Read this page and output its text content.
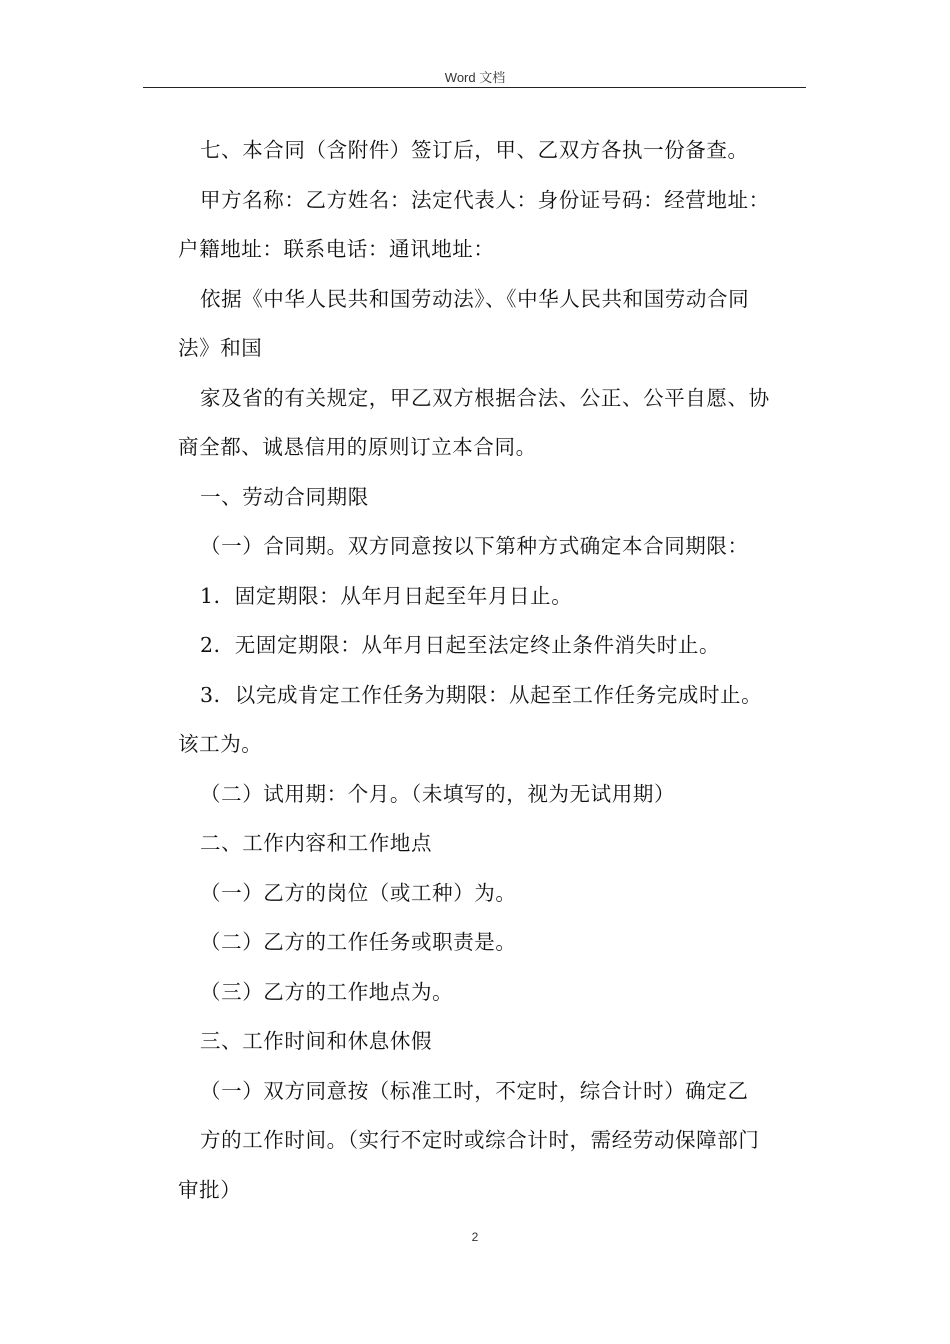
Word 文档
七、本合同（含附件）签订后，甲、乙双方各执一份备查。
甲方名称：乙方姓名：法定代表人：身份证号码：经营地址：
户籍地址：联系电话：通讯地址：
依据《中华人民共和国劳动法》、《中华人民共和国劳动合同
法》和国
家及省的有关规定，甲乙双方根据合法、公正、公平自愿、协
商全都、诚恳信用的原则订立本合同。
一、劳动合同期限
（一）合同期。双方同意按以下第种方式确定本合同期限：
1．固定期限：从年月日起至年月日止。
2．无固定期限：从年月日起至法定终止条件消失时止。
3．以完成肯定工作任务为期限：从起至工作任务完成时止。
该工为。
（二）试用期：个月。（未填写的，视为无试用期）
二、工作内容和工作地点
（一）乙方的岗位（或工种）为。
（二）乙方的工作任务或职责是。
（三）乙方的工作地点为。
三、工作时间和休息休假
（一）双方同意按（标准工时，不定时，综合计时）确定乙
方的工作时间。（实行不定时或综合计时，需经劳动保障部门
审批）
2
